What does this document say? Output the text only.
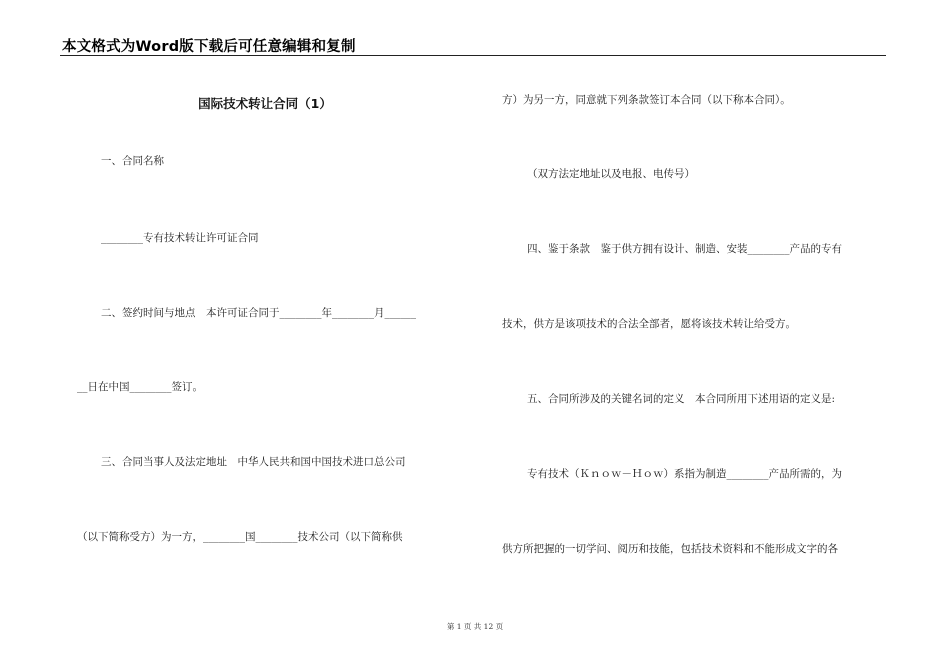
本文格式为Word版下载后可任意编辑和复制
国际技术转让合同（1）
一、合同名称
________专有技术转让许可证合同
二、签约时间与地点　本许可证合同于________年________月______
__日在中国________签订。
三、合同当事人及法定地址　中华人民共和国中国技术进口总公司
（以下简称受方）为一方，________国________技术公司（以下简称供
方）为另一方，同意就下列条款签订本合同（以下称本合同）。
（双方法定地址以及电报、电传号）
四、鉴于条款　鉴于供方拥有设计、制造、安装________产品的专有
技术，供方是该项技术的合法全部者，愿将该技术转让给受方。
五、合同所涉及的关键名词的定义　本合同所用下述用语的定义是:
专有技术（Ｋｎｏｗ－Ｈｏｗ）系指为制造________产品所需的，为
供方所把握的一切学问、阅历和技能，包括技术资料和不能形成文字的各
第 1 页 共 12 页
